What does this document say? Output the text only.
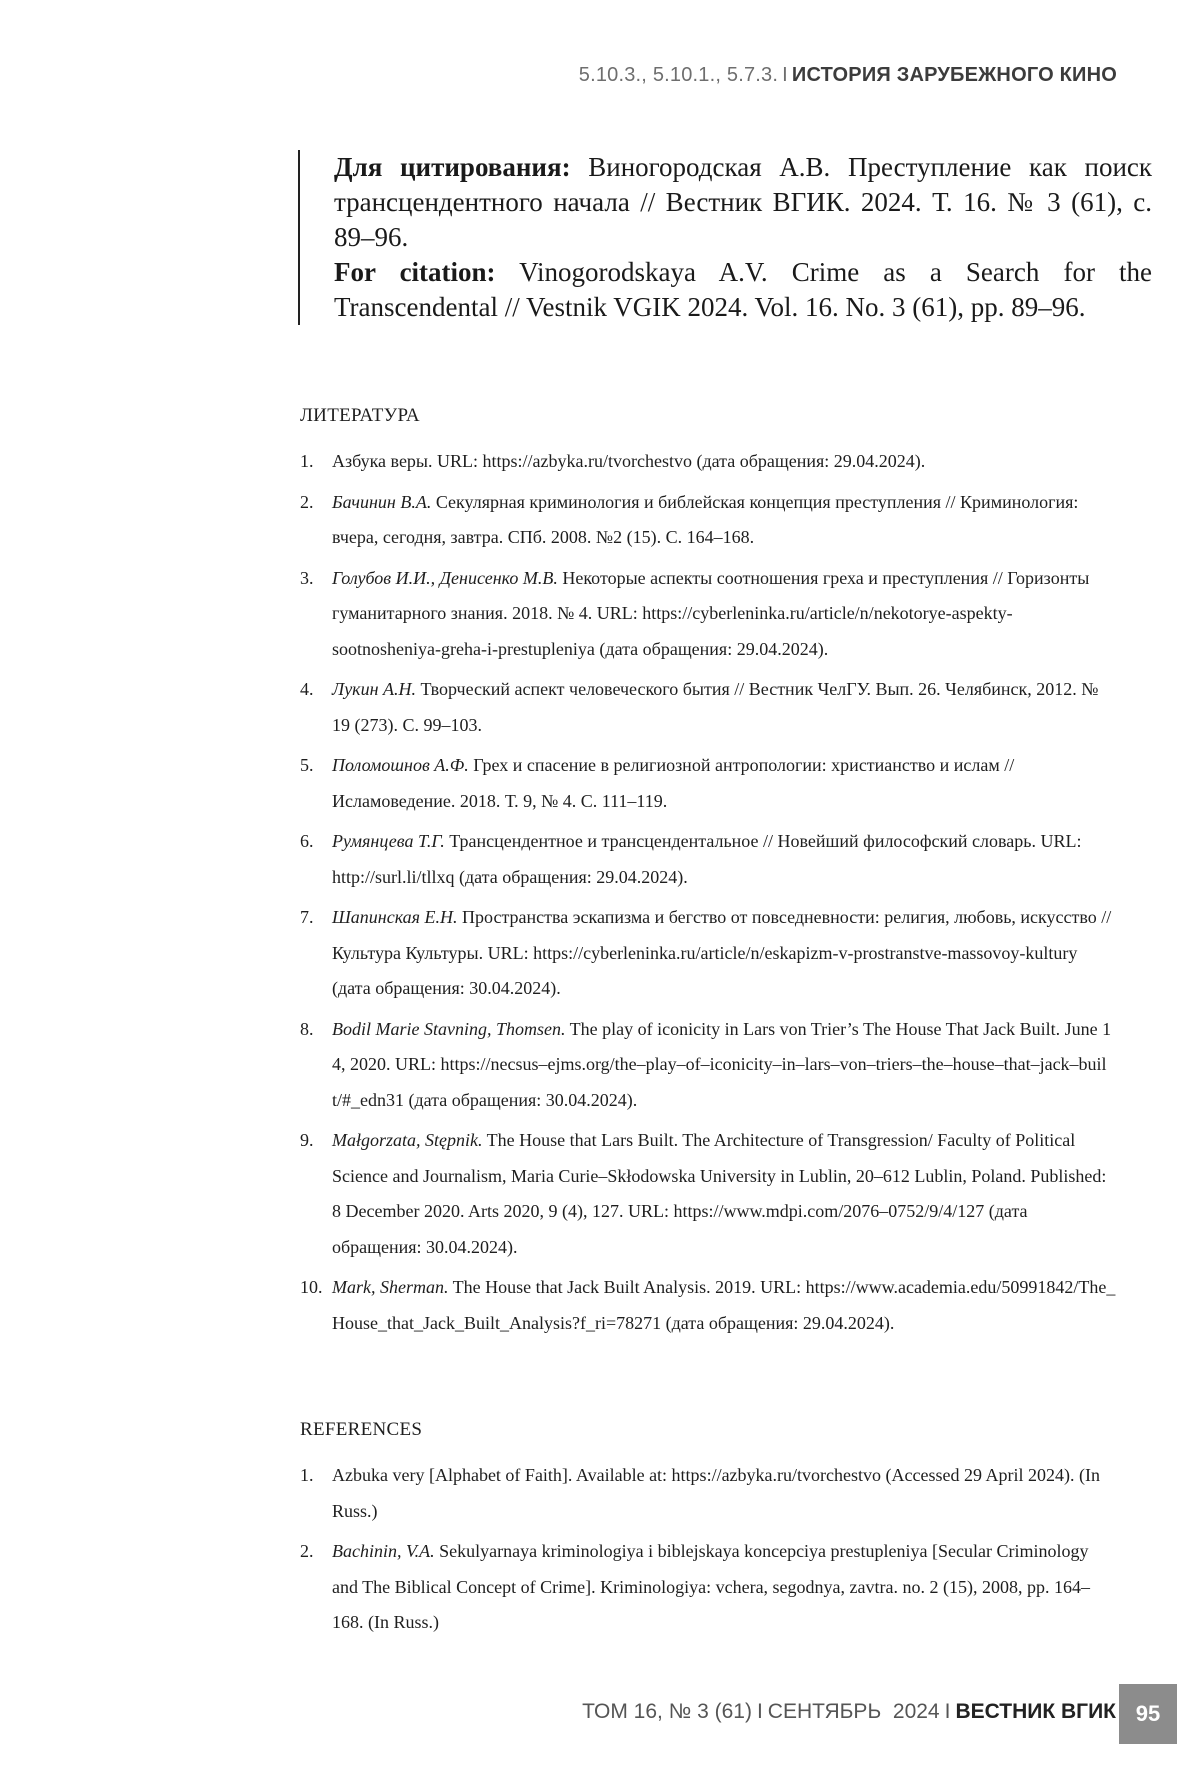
5.10.3., 5.10.1., 5.7.3. I ИСТОРИЯ ЗАРУБЕЖНОГО КИНО

Для цитирования: Виногородская А.В. Преступление как поиск трансцендентного начала // Вестник ВГИК. 2024. Т. 16. № 3 (61), с. 89–96.

For citation: Vinogorodskaya A.V. Crime as a Search for the Transcendental // Vestnik VGIK 2024. Vol. 16. No. 3 (61), pp. 89–96.

ЛИТЕРАТУРА
1. Азбука веры. URL: https://azbyka.ru/tvorchestvo (дата обращения: 29.04.2024).
2. Бачинин В.А. Секулярная криминология и библейская концепция преступления // Криминология: вчера, сегодня, завтра. СПб. 2008. №2 (15). С. 164–168.
3. Голубов И.И., Денисенко М.В. Некоторые аспекты соотношения греха и преступления // Горизонты гуманитарного знания. 2018. № 4. URL: https://cyberleninka.ru/article/n/nekotorye-aspekty-sootnosheniya-greha-i-prestupleniya (дата обращения: 29.04.2024).
4. Лукин А.Н. Творческий аспект человеческого бытия // Вестник ЧелГУ. Вып. 26. Челябинск, 2012. № 19 (273). С. 99–103.
5. Поломошнов А.Ф. Грех и спасение в религиозной антропологии: христианство и ислам // Исламоведение. 2018. Т. 9, № 4. С. 111–119.
6. Румянцева Т.Г. Трансцендентное и трансцендентальное // Новейший философский словарь. URL: http://surl.li/tllxq (дата обращения: 29.04.2024).
7. Шапинская Е.Н. Пространства эскапизма и бегство от повседневности: религия, любовь, искусство // Культура Культуры. URL: https://cyberleninka.ru/article/n/eskapizm-v-prostranstve-massovoy-kultury (дата обращения: 30.04.2024).
8. Bodil Marie Stavning, Thomsen. The play of iconicity in Lars von Trier’s The House That Jack Built. June 14, 2020. URL: https://necsus–ejms.org/the–play–of–iconicity–in–lars–von–triers–the–house–that–jack–built/#_edn31 (дата обращения: 30.04.2024).
9. Małgorzata, Stępnik. The House that Lars Built. The Architecture of Transgression/ Faculty of Political Science and Journalism, Maria Curie–Skłodowska University in Lublin, 20–612 Lublin, Poland. Published: 8 December 2020. Arts 2020, 9 (4), 127. URL: https://www.mdpi.com/2076–0752/9/4/127 (дата обращения: 30.04.2024).
10. Mark, Sherman. The House that Jack Built Analysis. 2019. URL: https://www.academia.edu/50991842/The_House_that_Jack_Built_Analysis?f_ri=78271 (дата обращения: 29.04.2024).
REFERENCES
1. Azbuka very [Alphabet of Faith]. Available at: https://azbyka.ru/tvorchestvo (Accessed 29 April 2024). (In Russ.)
2. Bachinin, V.A. Sekulyarnaya kriminologiya i biblejskaya koncepciya prestupleniya [Secular Criminology and The Biblical Concept of Crime]. Kriminologiya: vchera, segodnya, zavtra. no. 2 (15), 2008, pp. 164–168. (In Russ.)
ТОМ 16, № 3 (61) I СЕНТЯБРЬ  2024 I ВЕСТНИК ВГИК 95
